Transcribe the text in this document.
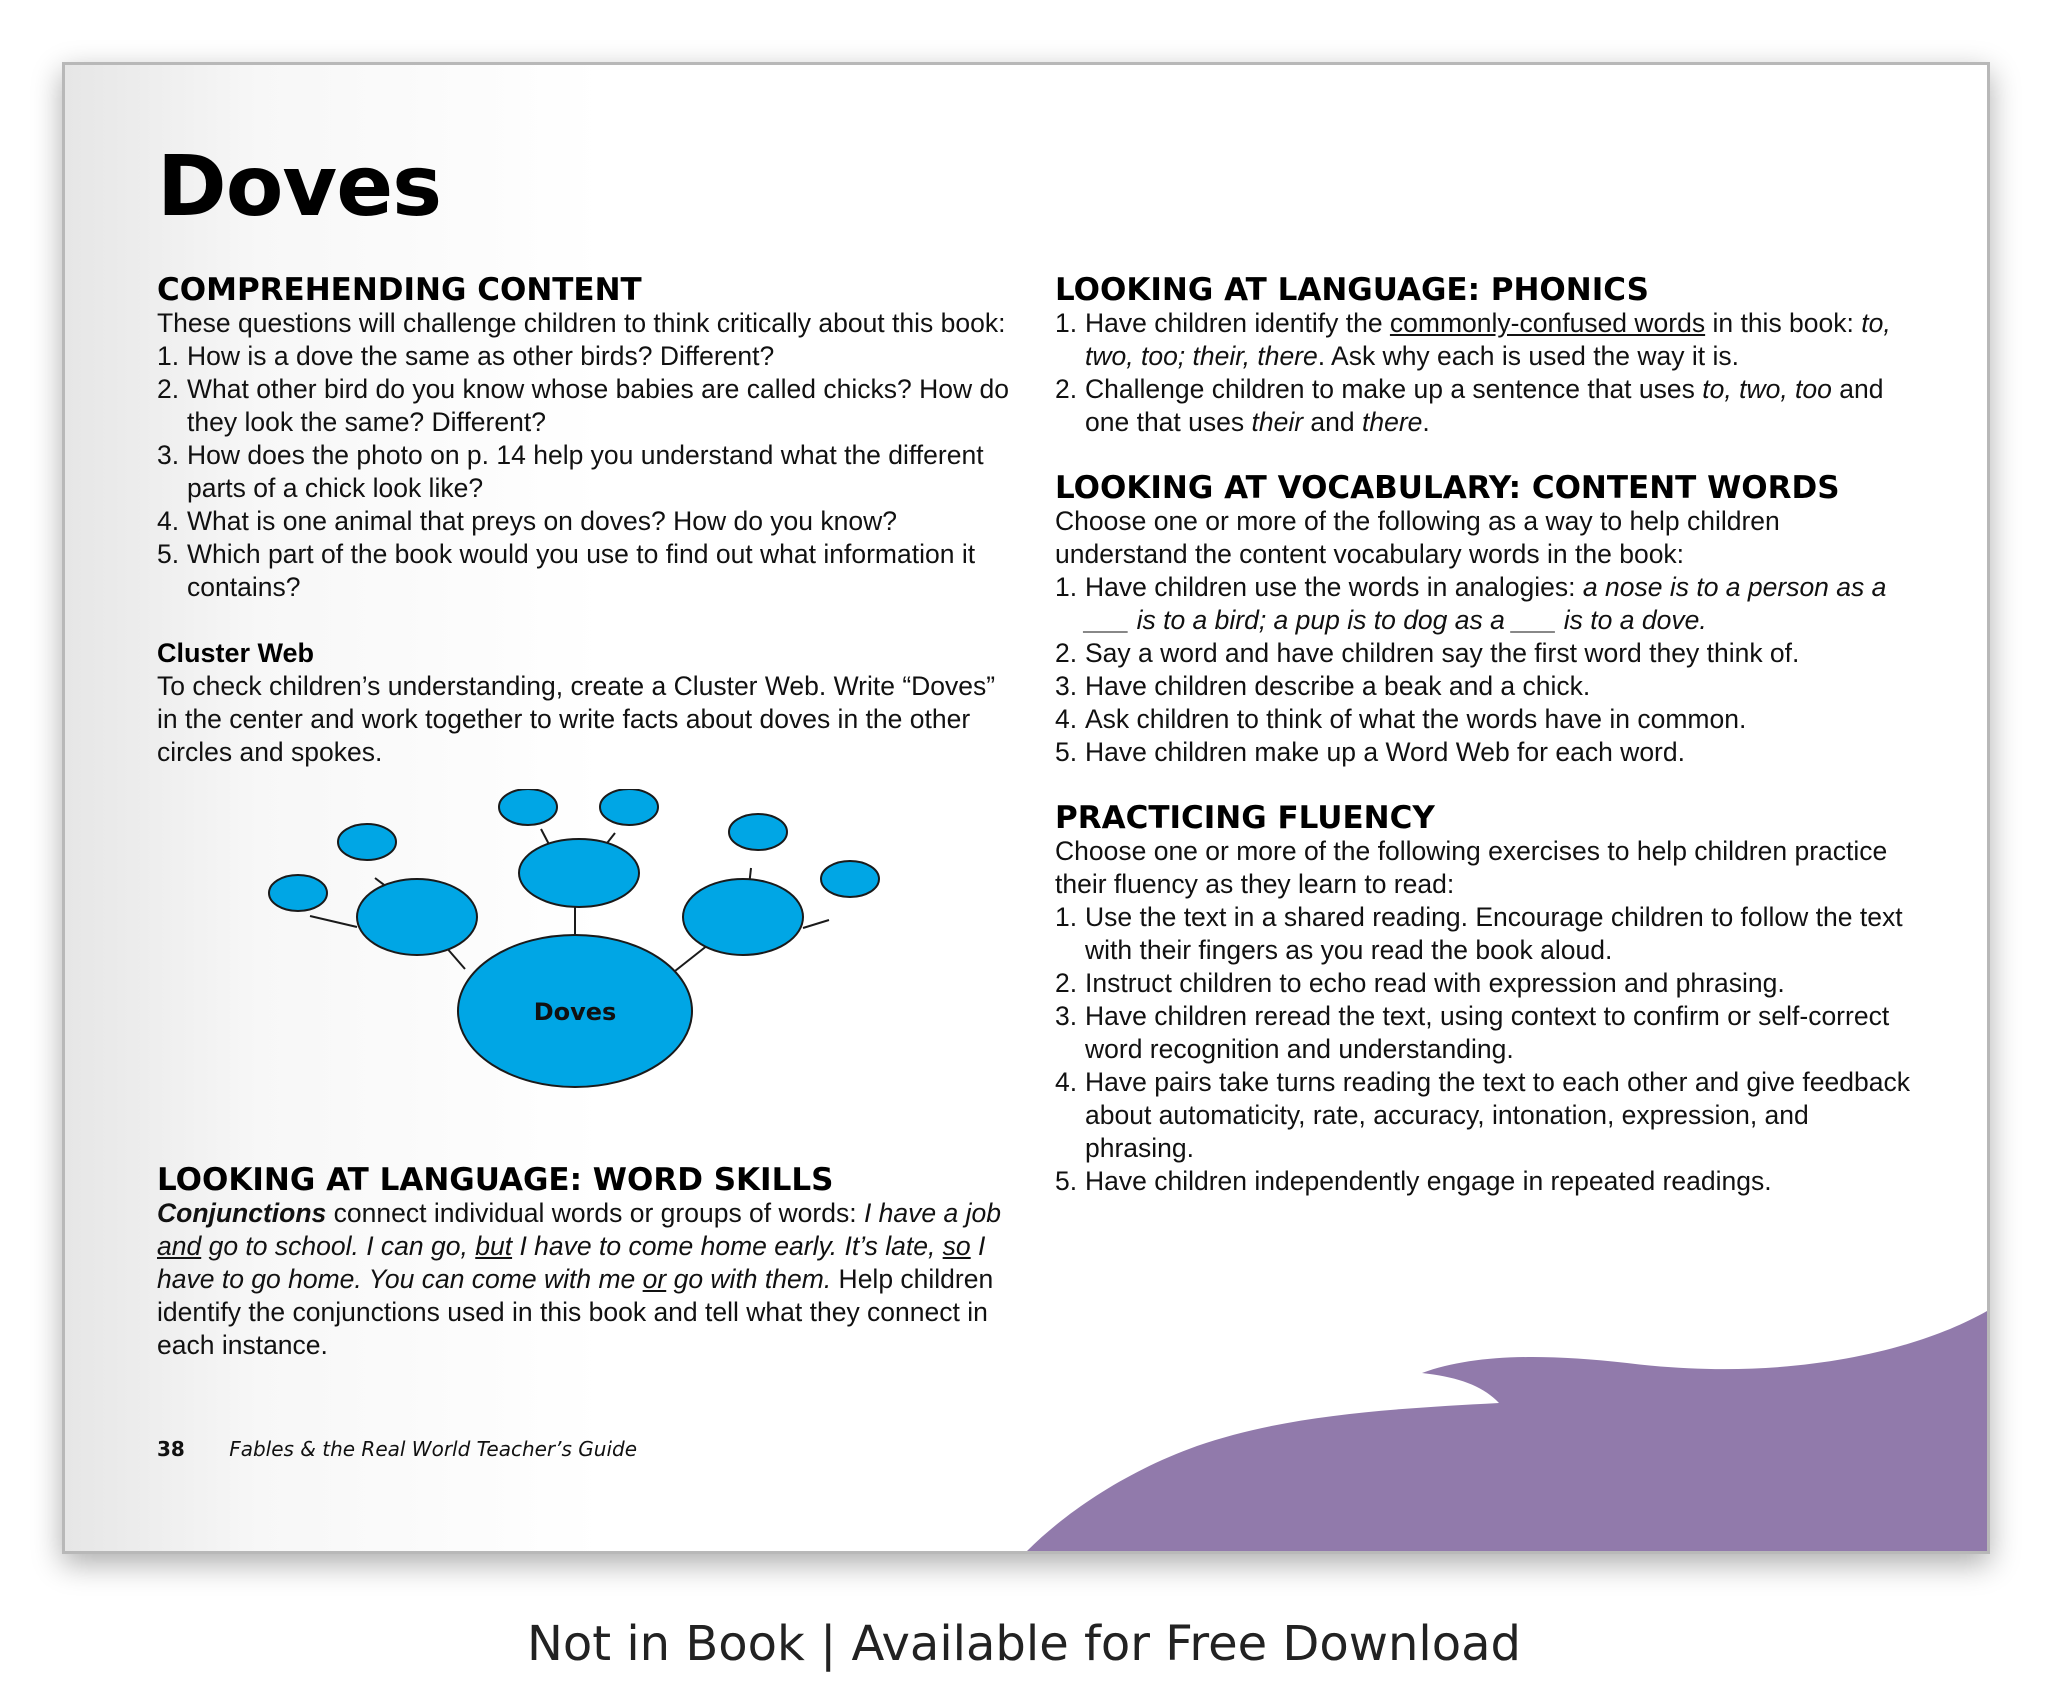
Doves
COMPREHENDING CONTENT
These questions will challenge children to think critically about this book:
1. How is a dove the same as other birds? Different?
2. What other bird do you know whose babies are called chicks? How do they look the same? Different?
3. How does the photo on p. 14 help you understand what the different parts of a chick look like?
4. What is one animal that preys on doves? How do you know?
5. Which part of the book would you use to find out what information it contains?
Cluster Web
To check children’s understanding, create a Cluster Web. Write “Doves” in the center and work together to write facts about doves in the other circles and spokes.
Doves
LOOKING AT LANGUAGE: WORD SKILLS

Conjunctions connect individual words or groups of words: I have a job and go to school. I can go, but I have to come home early. It’s late, so I have to go home. You can come with me or go with them. Help children identify the conjunctions used in this book and tell what they connect in each instance.

LOOKING AT LANGUAGE: PHONICS
1. Have children identify the commonly-confused words in this book: to, two, too; their, there. Ask why each is used the way it is.
2. Challenge children to make up a sentence that uses to, two, too and one that uses their and there.
LOOKING AT VOCABULARY: CONTENT WORDS
Choose one or more of the following as a way to help children understand the content vocabulary words in the book:
1. Have children use the words in analogies: a nose is to a person as a ___ is to a bird; a pup is to dog as a ___ is to a dove.
2. Say a word and have children say the first word they think of.
3. Have children describe a beak and a chick.
4. Ask children to think of what the words have in common.
5. Have children make up a Word Web for each word.
PRACTICING FLUENCY
Choose one or more of the following exercises to help children practice their fluency as they learn to read:
1. Use the text in a shared reading. Encourage children to follow the text with their fingers as you read the book aloud.
2. Instruct children to echo read with expression and phrasing.
3. Have children reread the text, using context to confirm or self-correct word recognition and understanding.
4. Have pairs take turns reading the text to each other and give feedback about automaticity, rate, accuracy, intonation, expression, and phrasing.
5. Have children independently engage in repeated readings.
38 Fables & the Real World Teacher’s Guide
Not in Book | Available for Free Download
